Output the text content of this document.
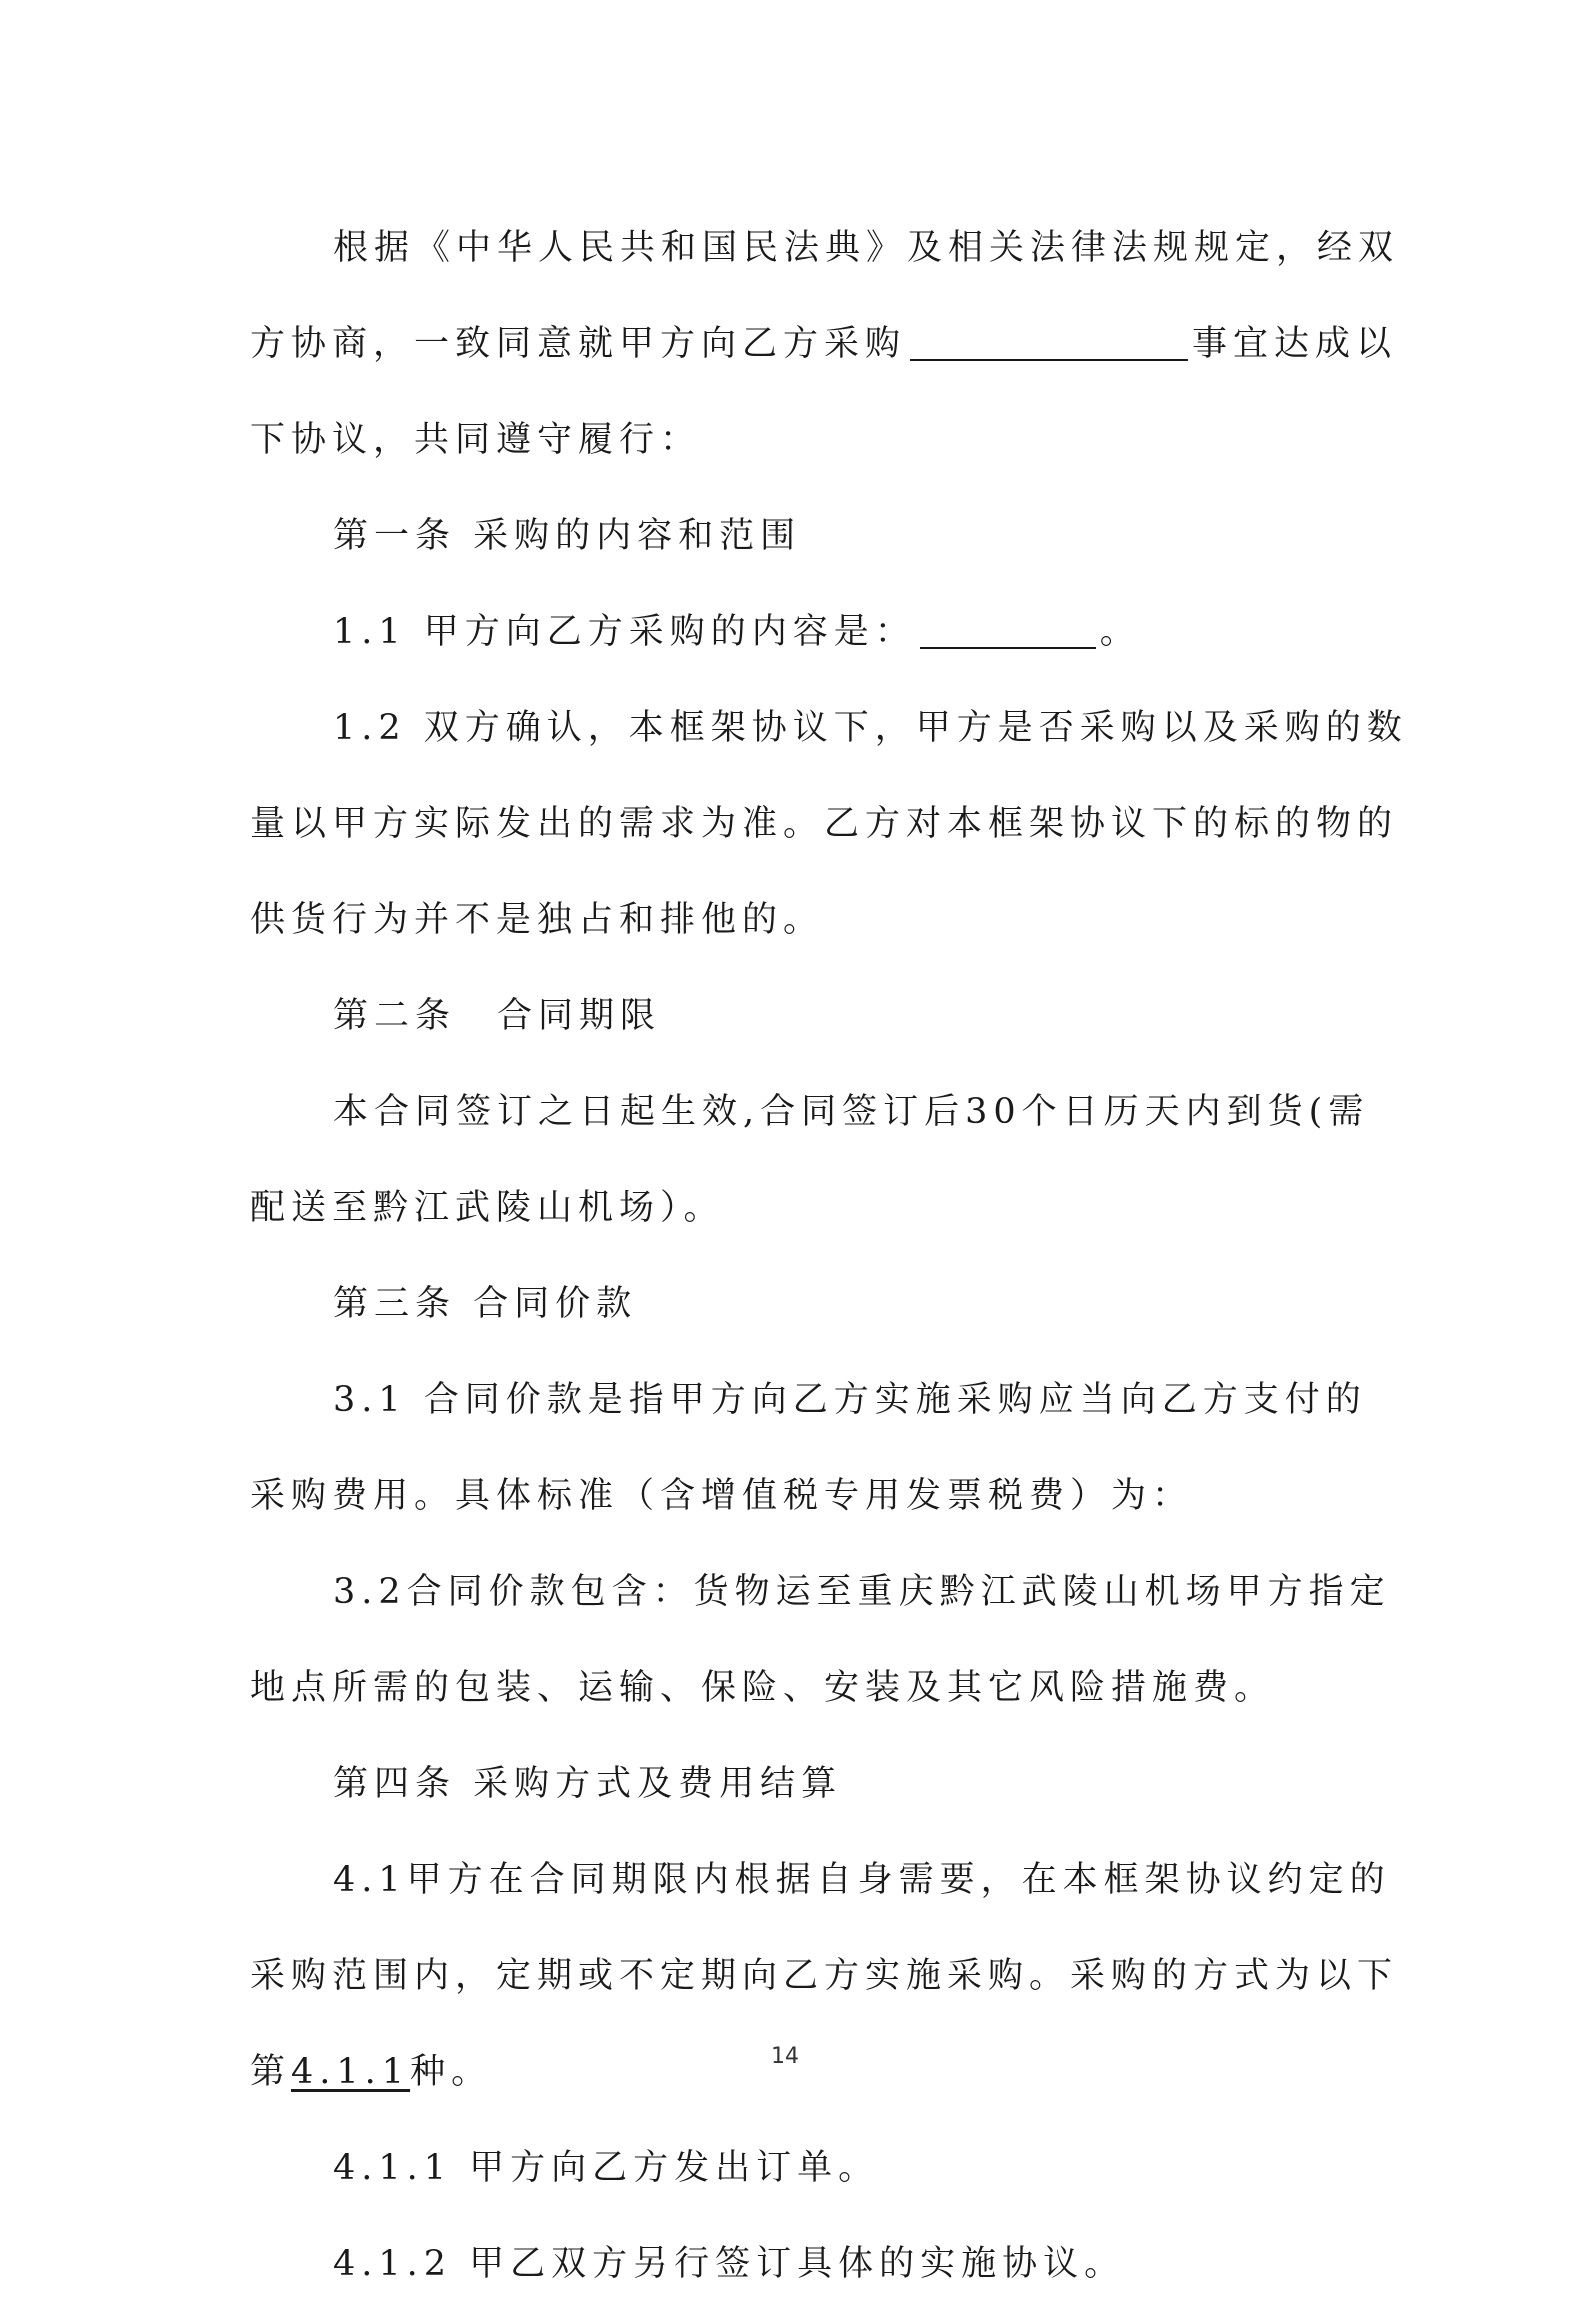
根据《中华人民共和国民法典》及相关法律法规规定，经双
方协商，一致同意就甲方向乙方采购	事宜达成以
下协议，共同遵守履行：
第一条 采购的内容和范围
1.1 甲方向乙方采购的内容是：	。
1.2 双方确认，本框架协议下，甲方是否采购以及采购的数
量以甲方实际发出的需求为准。乙方对本框架协议下的标的物的
供货行为并不是独占和排他的。
第二条　合同期限
本合同签订之日起生效,合同签订后30个日历天内到货(需
配送至黔江武陵山机场）。
第三条 合同价款
3.1 合同价款是指甲方向乙方实施采购应当向乙方支付的
采购费用。具体标准（含增值税专用发票税费）为：
3.2合同价款包含：货物运至重庆黔江武陵山机场甲方指定
地点所需的包装、运输、保险、安装及其它风险措施费。
第四条 采购方式及费用结算
4.1甲方在合同期限内根据自身需要，在本框架协议约定的
采购范围内，定期或不定期向乙方实施采购。采购的方式为以下
第4.1.1种。
4.1.1 甲方向乙方发出订单。
4.1.2 甲乙双方另行签订具体的实施协议。
14
